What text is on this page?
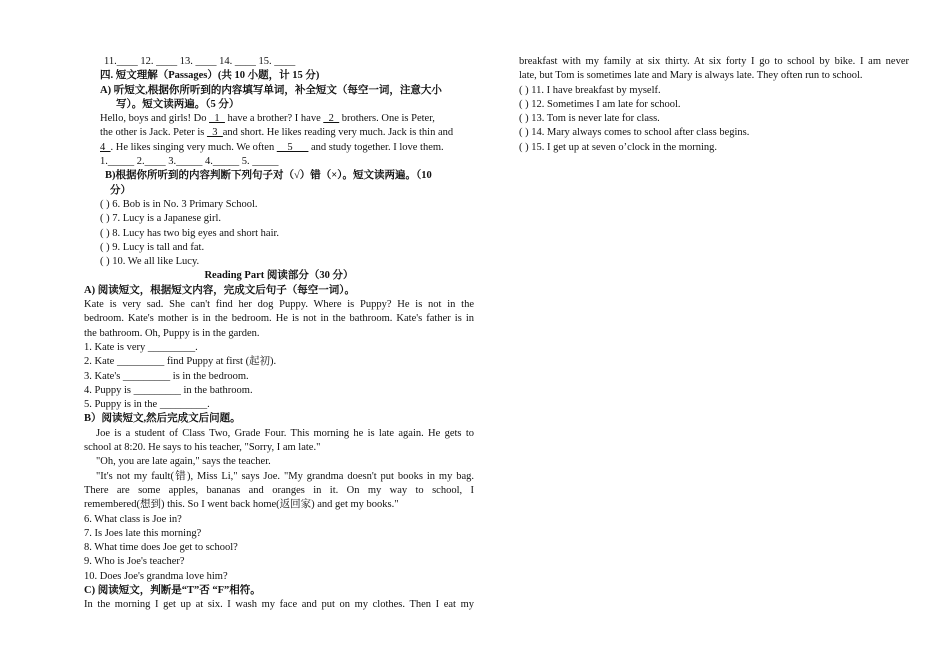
11.____ 12. ____ 13. ____ 14. ____ 15. ____
四. 短文理解（Passages）(共 10 小题，计 15 分)
A) 听短文,根据你所听到的内容填写单词，补全短文（每空一词，注意大小
写）。短文读两遍。（5 分）
Hello, boys and girls! Do _1_ have a brother? I have _2_ brothers. One is Peter,
the other is Jack. Peter is _3_and short. He likes reading very much. Jack is thin and
4_. He likes singing very much. We often __5___ and study together. I love them.
1._____ 2.____ 3._____ 4._____ 5. _____
B)根据你所听到的内容判断下列句子对（√）错（×）。短文读两遍。（10
分）
( ) 6. Bob is in No. 3 Primary School.
( ) 7. Lucy is a Japanese girl.
( ) 8. Lucy has two big eyes and short hair.
( ) 9. Lucy is tall and fat.
( ) 10. We all like Lucy.
Reading Part 阅读部分（30 分）
A) 阅读短文，根据短文内容，完成文后句子（每空一词）。
Kate is very sad. She can't find her dog Puppy. Where is Puppy? He is not in the
bedroom. Kate's mother is in the bedroom. He is not in the bathroom. Kate's father is in
the bathroom. Oh, Puppy is in the garden.
1. Kate is very _________.
2. Kate _________ find Puppy at first (起初).
3. Kate's _________ is in the bedroom.
4. Puppy is _________ in the bathroom.
5. Puppy is in the _________.
B）阅读短文,然后完成文后问题。
Joe is a student of Class Two, Grade Four. This morning he is late again. He gets to
school at 8:20. He says to his teacher, "Sorry, I am late."
"Oh, you are late again," says the teacher.
"It's not my fault(错), Miss Li," says Joe. "My grandma doesn't put books in my bag.
There are some apples, bananas and oranges in it. On my way to school, I
remembered(想到) this. So I went back home(返回家) and get my books."
6. What class is Joe in?
7. Is Joes late this morning?
8. What time does Joe get to school?
9. Who is Joe's teacher?
10. Does Joe's grandma love him?
C) 阅读短文，判断是“T”否 “F”相符。
In the morning I get up at six. I wash my face and put on my clothes. Then I eat my
breakfast with my family at six thirty. At six forty I go to school by bike. I am never
late, but Tom is sometimes late and Mary is always late. They often run to school.
( ) 11. I have breakfast by myself.
( ) 12. Sometimes I am late for school.
( ) 13. Tom is never late for class.
( ) 14. Mary always comes to school after class begins.
( ) 15. I get up at seven o’clock in the morning.
